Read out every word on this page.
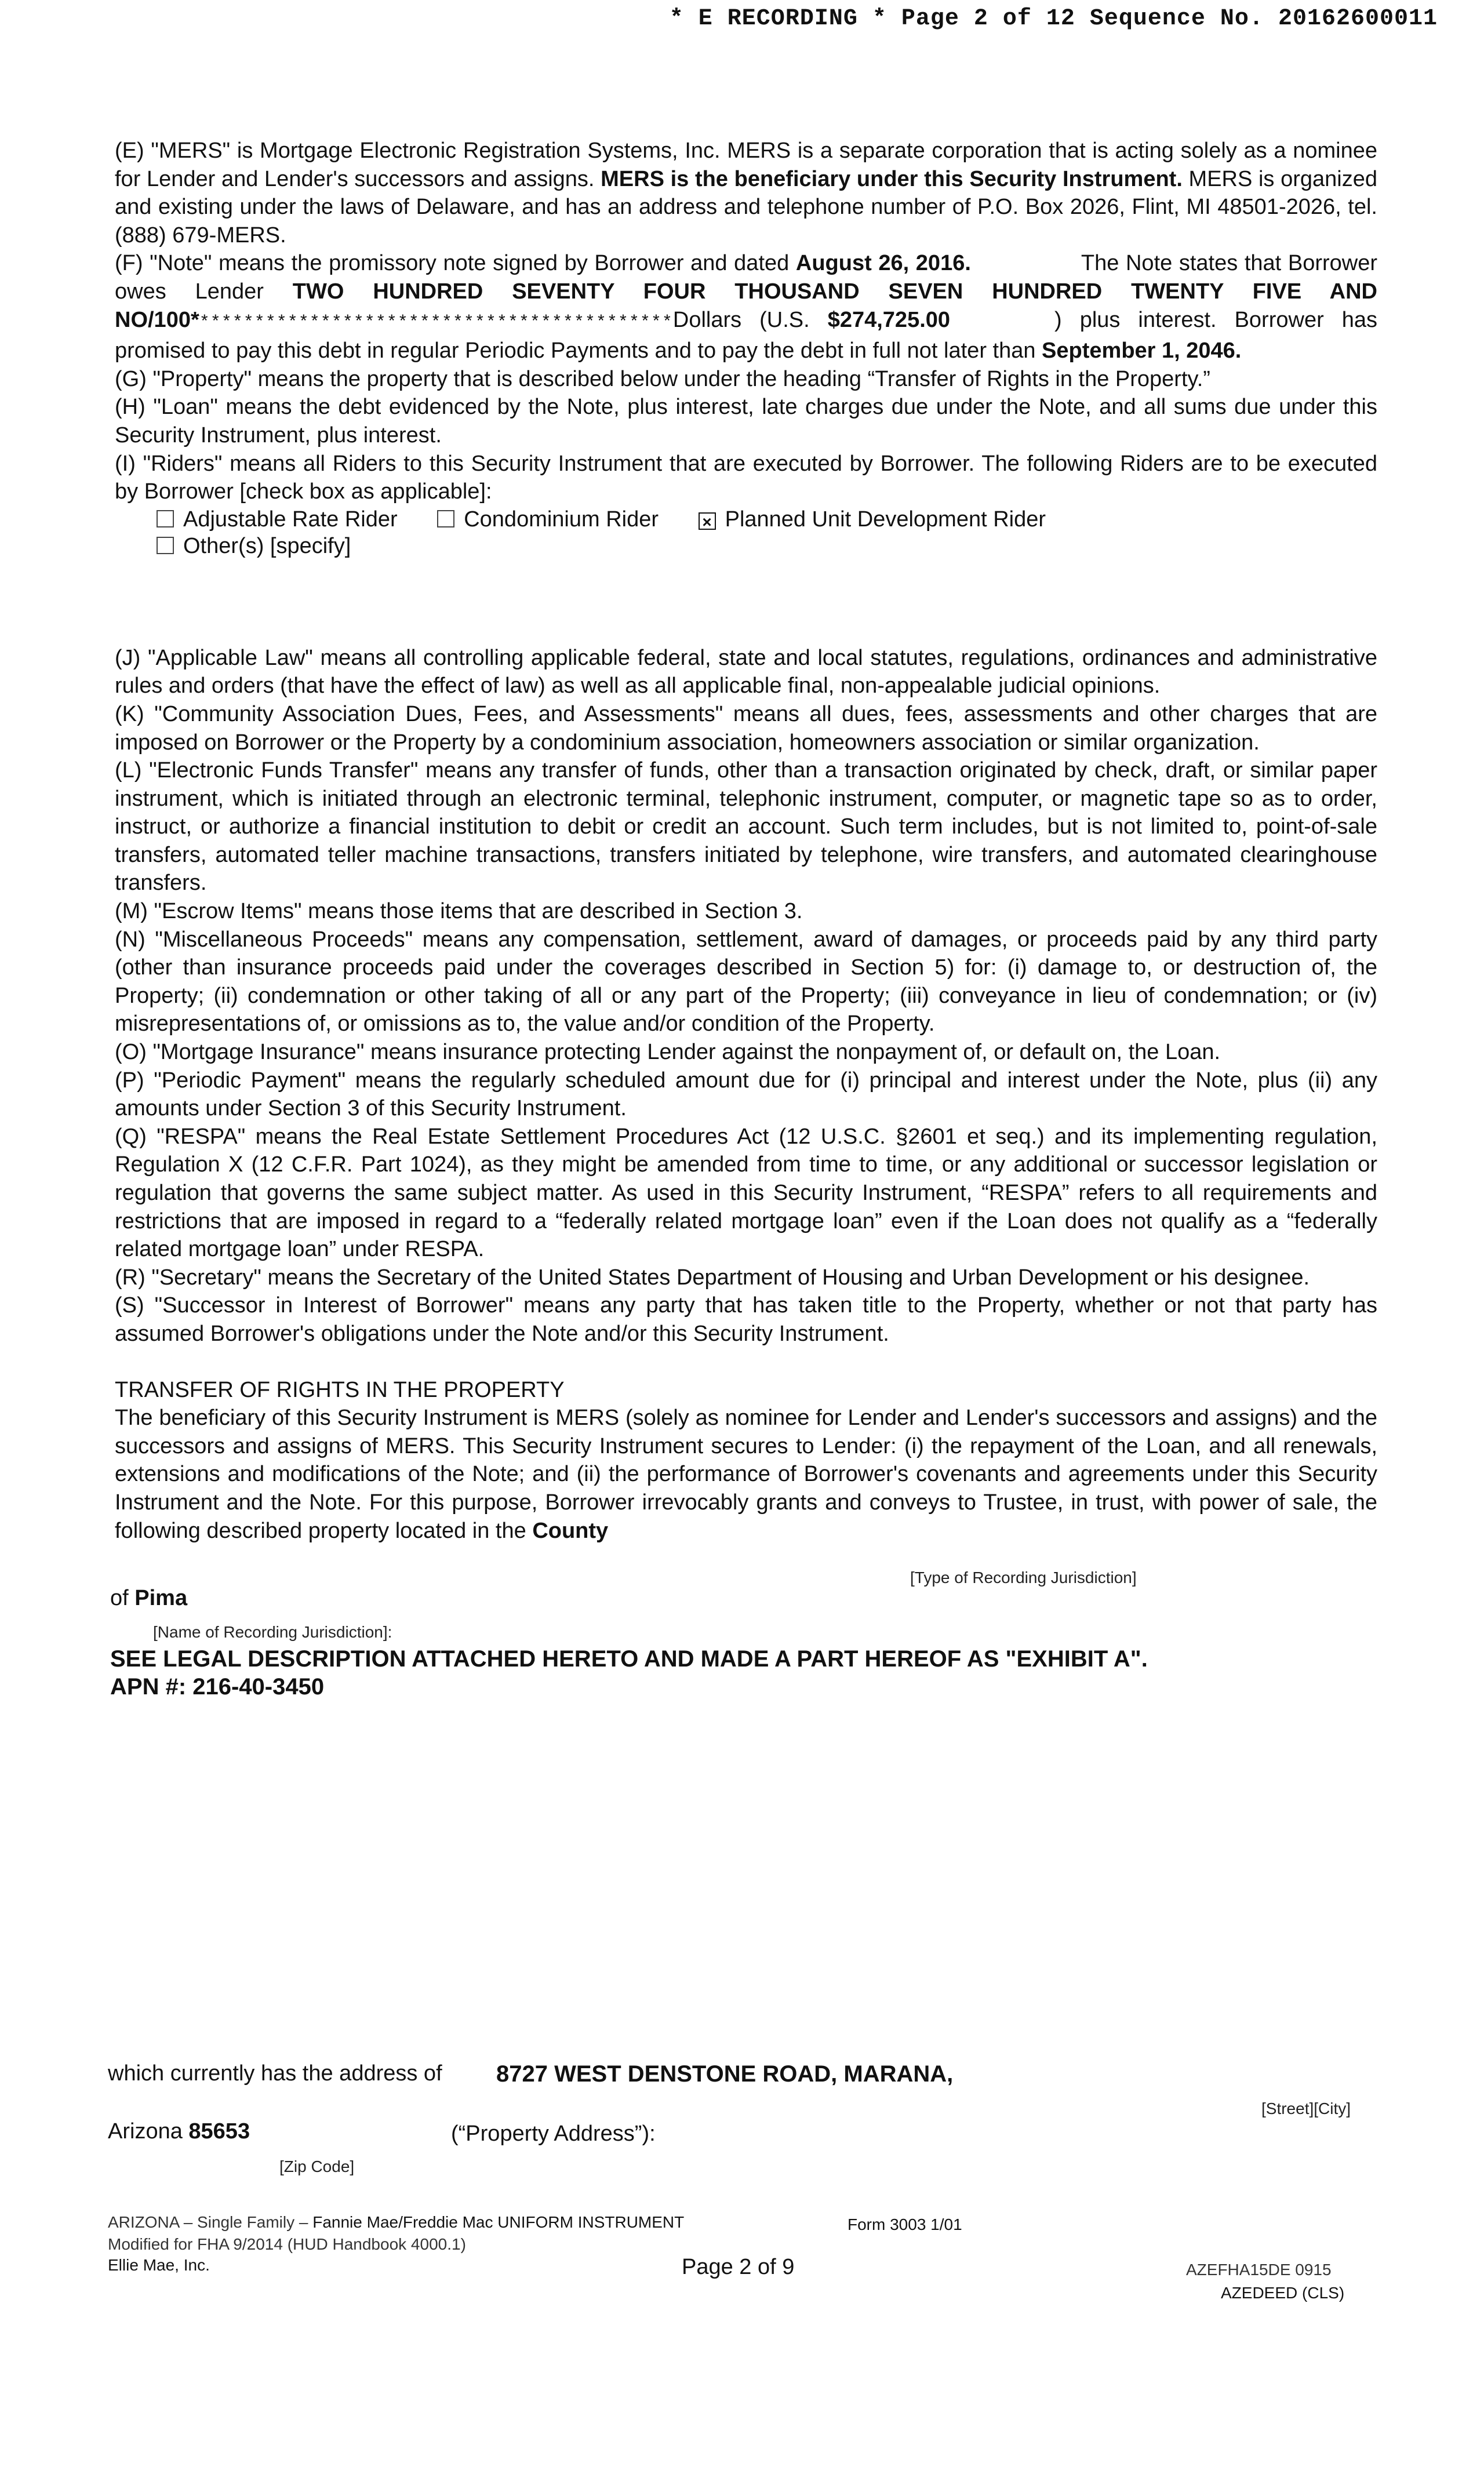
* E RECORDING * Page 2 of 12 Sequence No. 20162600011

(E) "MERS" is Mortgage Electronic Registration Systems, Inc. MERS is a separate corporation that is acting solely as a nominee for Lender and Lender's successors and assigns. MERS is the beneficiary under this Security Instrument. MERS is organized and existing under the laws of Delaware, and has an address and telephone number of P.O. Box 2026, Flint, MI 48501-2026, tel. (888) 679-MERS.

(F) "Note" means the promissory note signed by Borrower and dated August 26, 2016.	The Note states that Borrower owes Lender TWO HUNDRED SEVENTY FOUR THOUSAND SEVEN HUNDRED TWENTY FIVE AND NO/100********************************************Dollars (U.S. $274,725.00	) plus interest. Borrower has promised to pay this debt in regular Periodic Payments and to pay the debt in full not later than September 1, 2046.

(G) "Property" means the property that is described below under the heading “Transfer of Rights in the Property.”

(H) "Loan" means the debt evidenced by the Note, plus interest, late charges due under the Note, and all sums due under this Security Instrument, plus interest.

(I) "Riders" means all Riders to this Security Instrument that are executed by Borrower. The following Riders are to be executed by Borrower [check box as applicable]:

Adjustable Rate Rider	Condominium Rider	× Planned Unit Development Rider
Other(s) [specify]

(J) "Applicable Law" means all controlling applicable federal, state and local statutes, regulations, ordinances and administrative rules and orders (that have the effect of law) as well as all applicable final, non-appealable judicial opinions.

(K) "Community Association Dues, Fees, and Assessments" means all dues, fees, assessments and other charges that are imposed on Borrower or the Property by a condominium association, homeowners association or similar organization.

(L) "Electronic Funds Transfer" means any transfer of funds, other than a transaction originated by check, draft, or similar paper instrument, which is initiated through an electronic terminal, telephonic instrument, computer, or magnetic tape so as to order, instruct, or authorize a financial institution to debit or credit an account. Such term includes, but is not limited to, point-of-sale transfers, automated teller machine transactions, transfers initiated by telephone, wire transfers, and automated clearinghouse transfers.

(M) "Escrow Items" means those items that are described in Section 3.

(N) "Miscellaneous Proceeds" means any compensation, settlement, award of damages, or proceeds paid by any third party (other than insurance proceeds paid under the coverages described in Section 5) for: (i) damage to, or destruction of, the Property; (ii) condemnation or other taking of all or any part of the Property; (iii) conveyance in lieu of condemnation; or (iv) misrepresentations of, or omissions as to, the value and/or condition of the Property.

(O) "Mortgage Insurance" means insurance protecting Lender against the nonpayment of, or default on, the Loan.

(P) "Periodic Payment" means the regularly scheduled amount due for (i) principal and interest under the Note, plus (ii) any amounts under Section 3 of this Security Instrument.

(Q) "RESPA" means the Real Estate Settlement Procedures Act (12 U.S.C. §2601 et seq.) and its implementing regulation, Regulation X (12 C.F.R. Part 1024), as they might be amended from time to time, or any additional or successor legislation or regulation that governs the same subject matter. As used in this Security Instrument, “RESPA” refers to all requirements and restrictions that are imposed in regard to a “federally related mortgage loan” even if the Loan does not qualify as a “federally related mortgage loan” under RESPA.

(R) "Secretary" means the Secretary of the United States Department of Housing and Urban Development or his designee.

(S) "Successor in Interest of Borrower" means any party that has taken title to the Property, whether or not that party has assumed Borrower's obligations under the Note and/or this Security Instrument.

TRANSFER OF RIGHTS IN THE PROPERTY

The beneficiary of this Security Instrument is MERS (solely as nominee for Lender and Lender's successors and assigns) and the successors and assigns of MERS. This Security Instrument secures to Lender: (i) the repayment of the Loan, and all renewals, extensions and modifications of the Note; and (ii) the performance of Borrower's covenants and agreements under this Security Instrument and the Note. For this purpose, Borrower irrevocably grants and conveys to Trustee, in trust, with power of sale, the following described property located in the County

[Type of Recording Jurisdiction]
of Pima
[Name of Recording Jurisdiction]:
SEE LEGAL DESCRIPTION ATTACHED HERETO AND MADE A PART HEREOF AS "EXHIBIT A".
APN #: 216-40-3450
which currently has the address of 8727 WEST DENSTONE ROAD, MARANA,
[Street][City]
Arizona 85653	(“Property Address”):
[Zip Code]
ARIZONA – Single Family – Fannie Mae/Freddie Mac UNIFORM INSTRUMENT	Form 3003 1/01
Modified for FHA 9/2014 (HUD Handbook 4000.1)
Ellie Mae, Inc.	Page 2 of 9	AZEFHA15DE 0915
AZEDEED (CLS)
